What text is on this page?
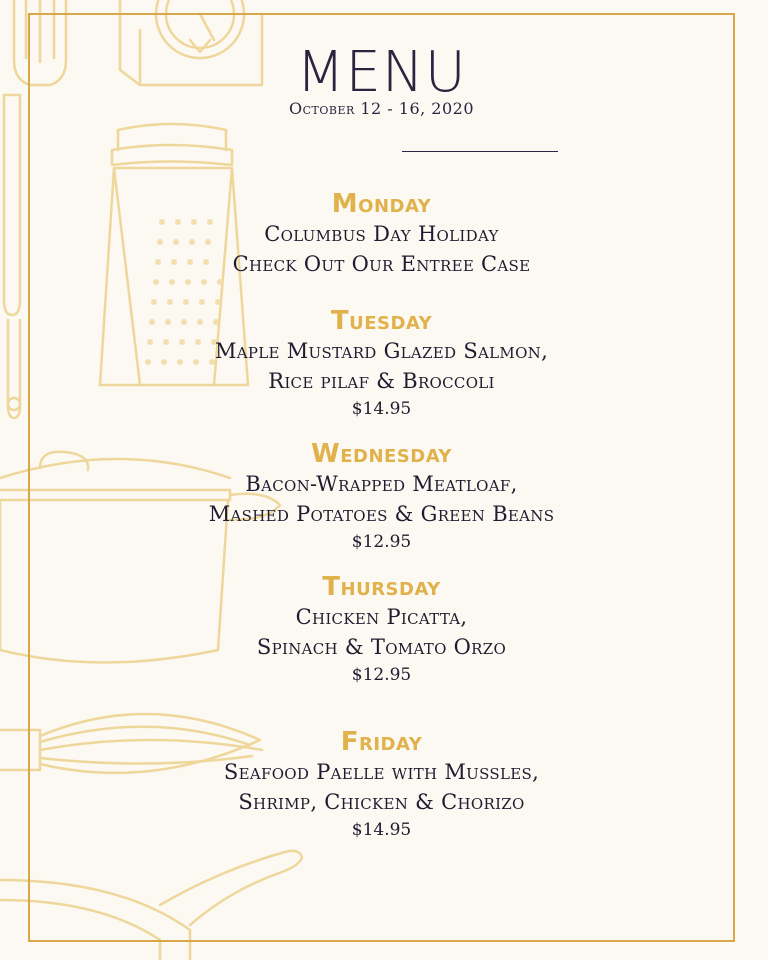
MENU
October 12 - 16, 2020
Monday
Columbus Day Holiday
Check Out Our Entree Case
Tuesday
Maple Mustard Glazed Salmon,
Rice pilaf & Broccoli
$14.95
Wednesday
Bacon-Wrapped Meatloaf,
Mashed Potatoes & Green Beans
$12.95
Thursday
Chicken Picatta,
Spinach & Tomato Orzo
$12.95
Friday
Seafood Paelle with Mussles,
Shrimp, Chicken & Chorizo
$14.95
